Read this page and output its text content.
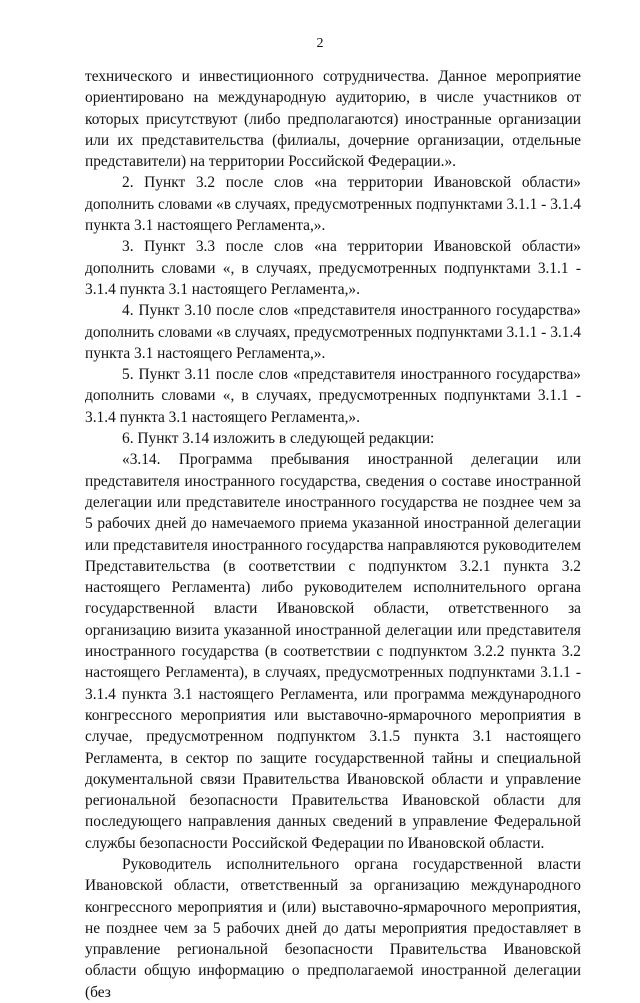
2

технического и инвестиционного сотрудничества. Данное мероприятие ориентировано на международную аудиторию, в числе участников от которых присутствуют (либо предполагаются) иностранные организации или их представительства (филиалы, дочерние организации, отдельные представители) на территории Российской Федерации.».

2. Пункт 3.2 после слов «на территории Ивановской области» дополнить словами «в случаях, предусмотренных подпунктами 3.1.1 - 3.1.4 пункта 3.1 настоящего Регламента,».

3. Пункт 3.3 после слов «на территории Ивановской области» дополнить словами «, в случаях, предусмотренных подпунктами 3.1.1 - 3.1.4 пункта 3.1 настоящего Регламента,».

4. Пункт 3.10 после слов «представителя иностранного государства» дополнить словами «в случаях, предусмотренных подпунктами 3.1.1 - 3.1.4 пункта 3.1 настоящего Регламента,».

5. Пункт 3.11 после слов «представителя иностранного государства» дополнить словами «, в случаях, предусмотренных подпунктами 3.1.1 - 3.1.4 пункта 3.1 настоящего Регламента,».

6. Пункт 3.14 изложить в следующей редакции:

«3.14. Программа пребывания иностранной делегации или представителя иностранного государства, сведения о составе иностранной делегации или представителе иностранного государства не позднее чем за 5 рабочих дней до намечаемого приема указанной иностранной делегации или представителя иностранного государства направляются руководителем Представительства (в соответствии с подпунктом 3.2.1 пункта 3.2 настоящего Регламента) либо руководителем исполнительного органа государственной власти Ивановской области, ответственного за организацию визита указанной иностранной делегации или представителя иностранного государства (в соответствии с подпунктом 3.2.2 пункта 3.2 настоящего Регламента), в случаях, предусмотренных подпунктами 3.1.1 - 3.1.4 пункта 3.1 настоящего Регламента, или программа международного конгрессного мероприятия или выставочно-ярмарочного мероприятия в случае, предусмотренном подпунктом 3.1.5 пункта 3.1 настоящего Регламента, в сектор по защите государственной тайны и специальной документальной связи Правительства Ивановской области и управление региональной безопасности Правительства Ивановской области для последующего направления данных сведений в управление Федеральной службы безопасности Российской Федерации по Ивановской области.

Руководитель исполнительного органа государственной власти Ивановской области, ответственный за организацию международного конгрессного мероприятия и (или) выставочно-ярмарочного мероприятия, не позднее чем за 5 рабочих дней до даты мероприятия предоставляет в управление региональной безопасности Правительства Ивановской области общую информацию о предполагаемой иностранной делегации (без
